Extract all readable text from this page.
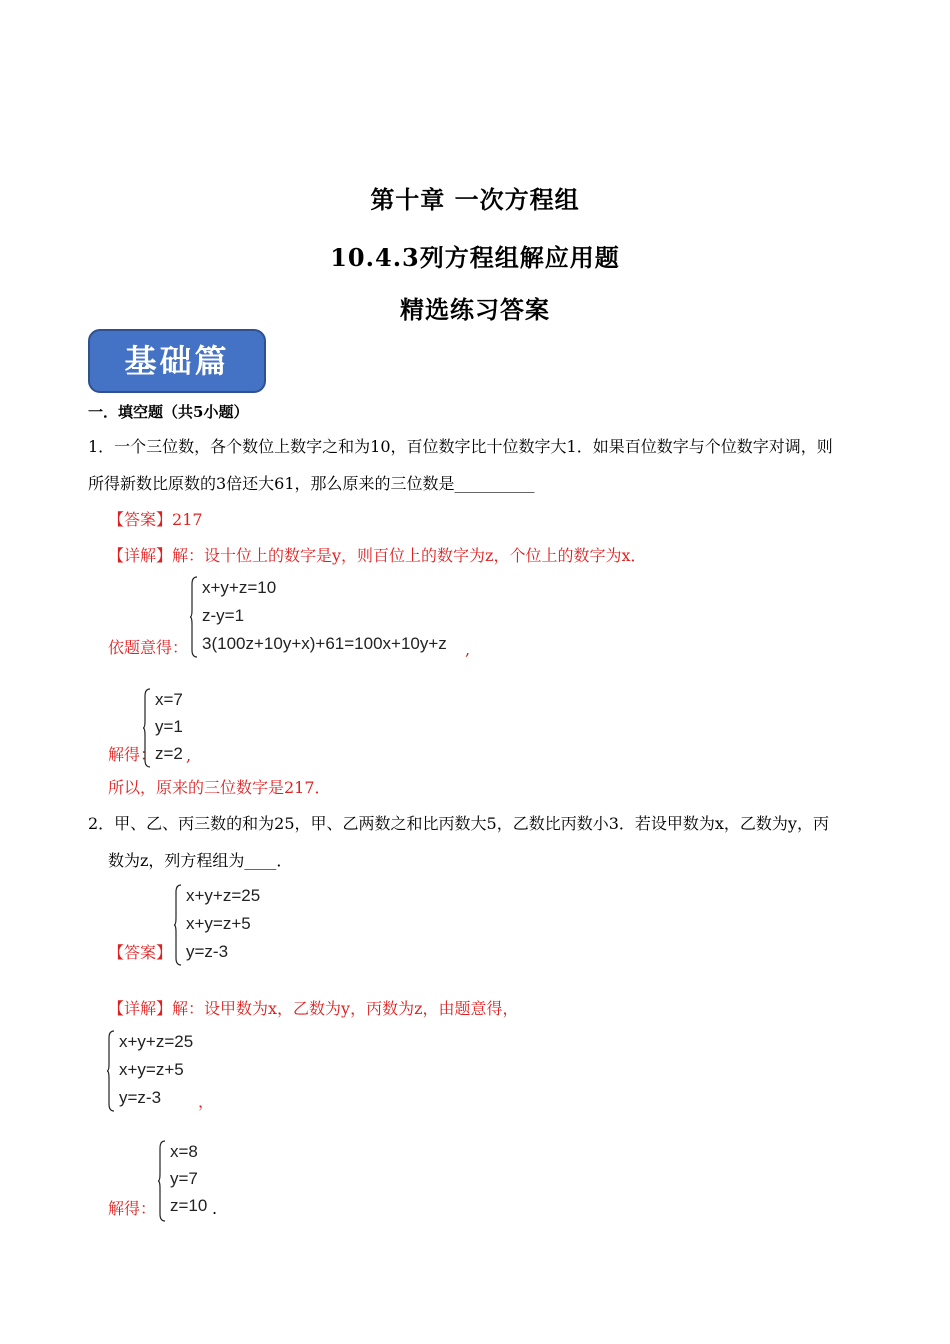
第十章 一次方程组
10.4.3列方程组解应用题
精选练习答案
基础篇
一．填空题（共5小题）
1．一个三位数，各个数位上数字之和为10，百位数字比十位数字大1．如果百位数字与个位数字对调，则
所得新数比原数的3倍还大61，那么原来的三位数是__________
【答案】217
【详解】解：设十位上的数字是y，则百位上的数字为z，个位上的数字为x．
依题意得：
x+y+z=10
z-y=1
3(100z+10y+x)+61=100x+10y+z ,
解得：
x=7
y=1
z=2 ,
所以，原来的三位数字是217．
2．甲、乙、丙三数的和为25，甲、乙两数之和比丙数大5，乙数比丙数小3．若设甲数为x，乙数为y，丙
数为z，列方程组为____．
【答案】
x+y+z=25
x+y=z+5
y=z-3
【详解】解：设甲数为x，乙数为y，丙数为z，由题意得，
x+y+z=25
x+y=z+5
y=z-3 ，
解得：
x=8
y=7
z=10 .
